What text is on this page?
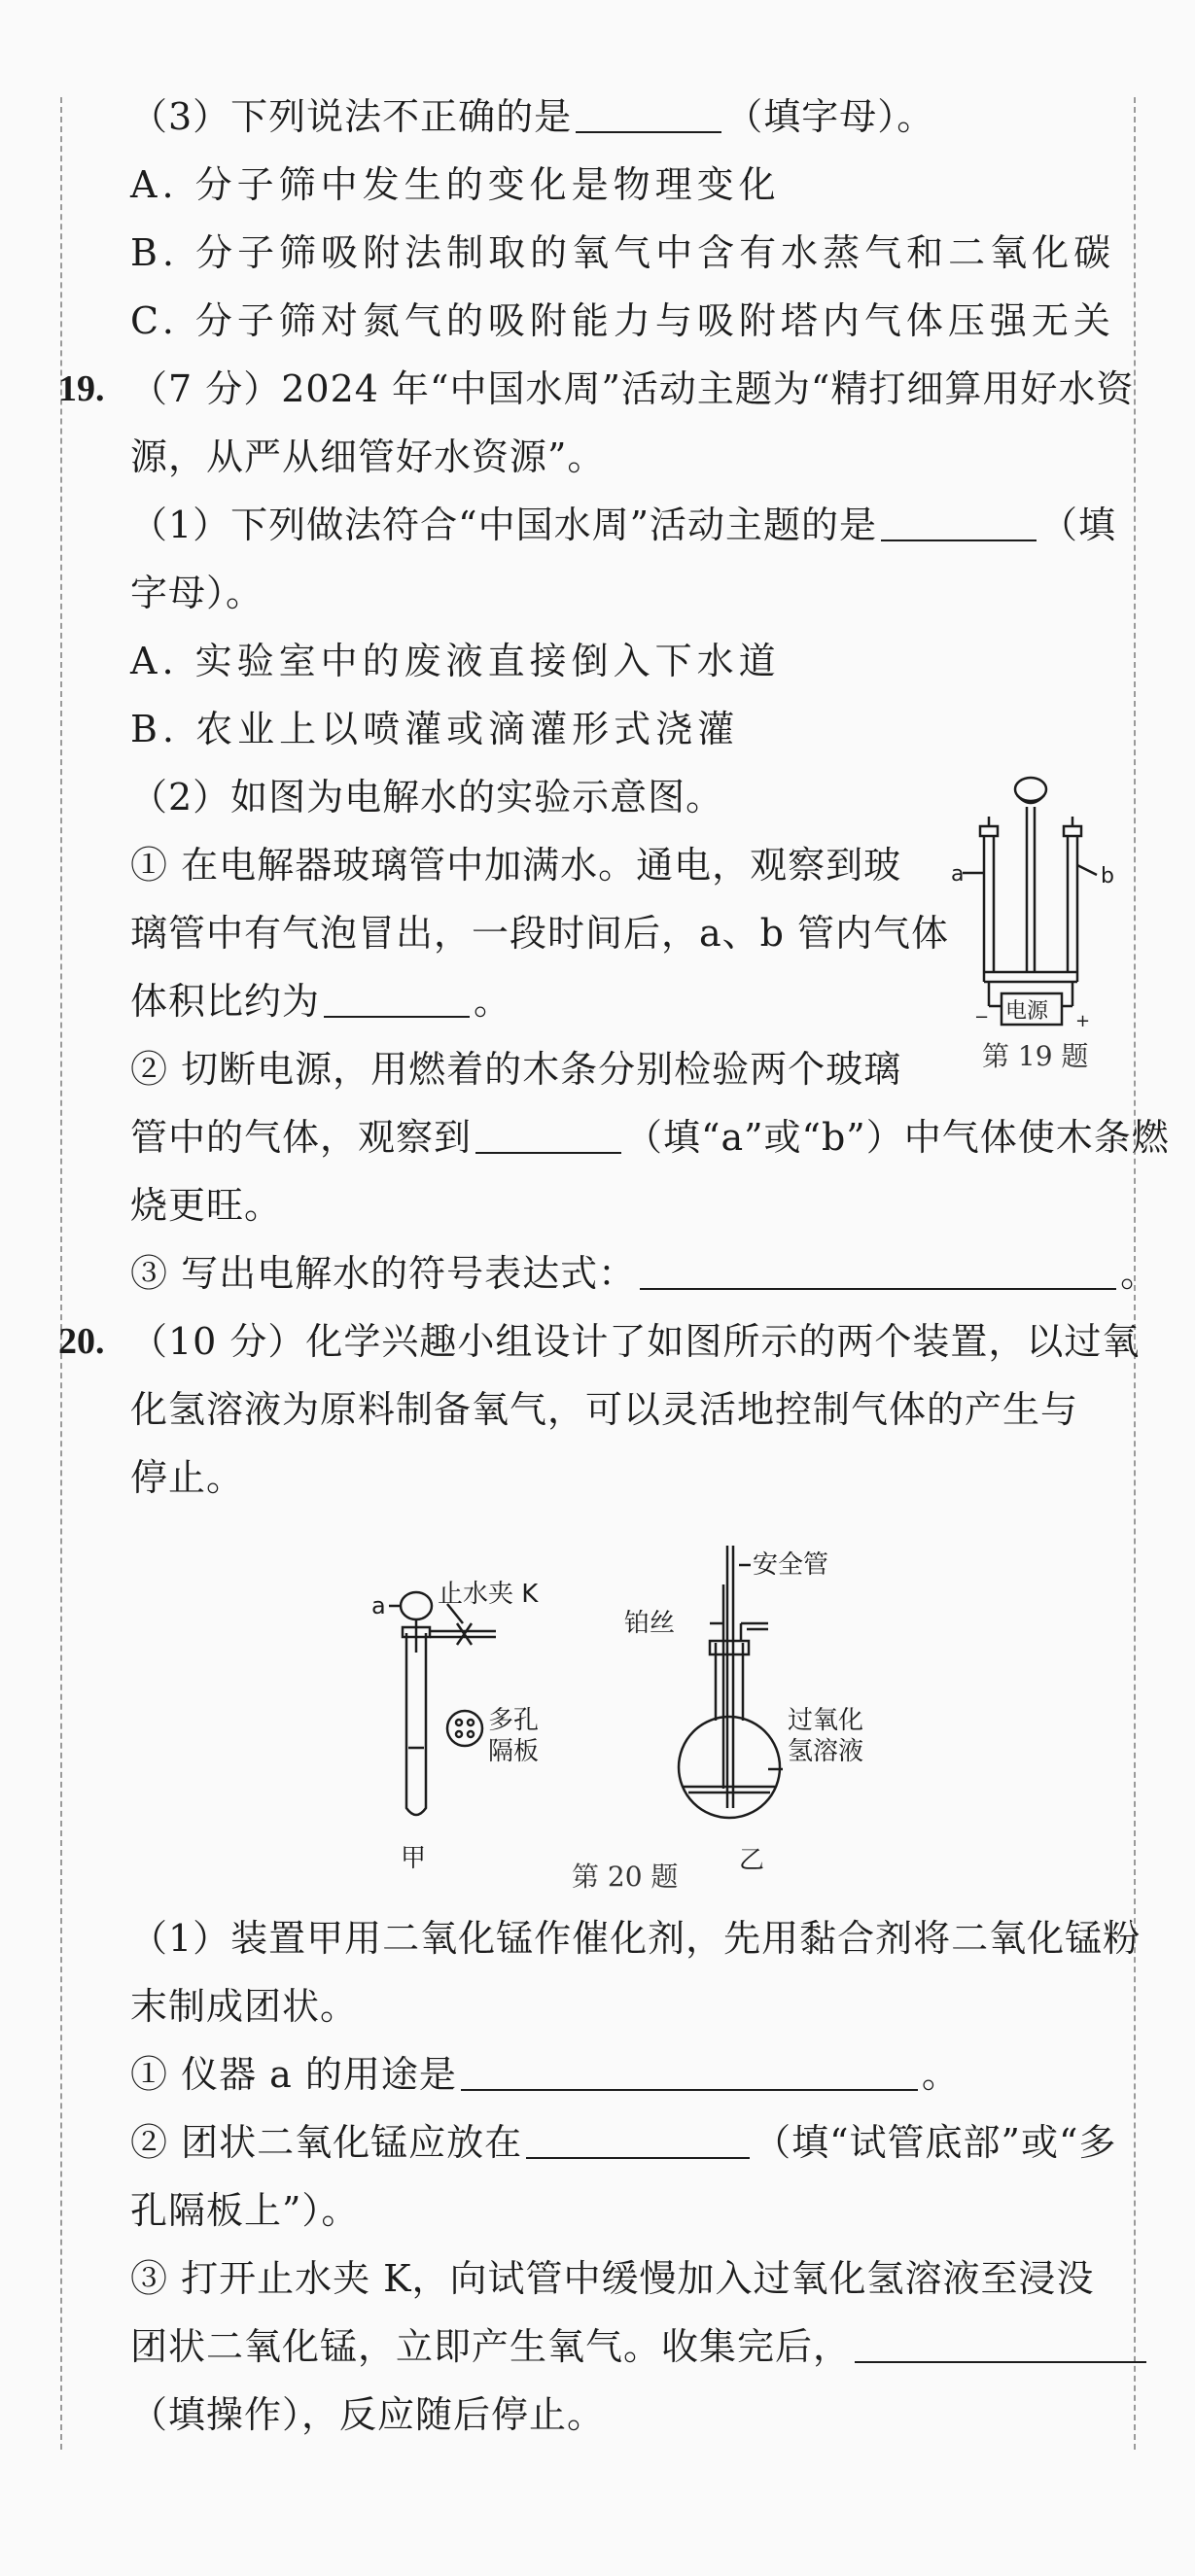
（3）下列说法不正确的是	（填字母）。
A. 分子筛中发生的变化是物理变化
B. 分子筛吸附法制取的氧气中含有水蒸气和二氧化碳
C. 分子筛对氮气的吸附能力与吸附塔内气体压强无关
19. （7 分）2024 年“中国水周”活动主题为“精打细算用好水资
源，从严从细管好水资源”。
（1）下列做法符合“中国水周”活动主题的是	（填
字母）。
A. 实验室中的废液直接倒入下水道
B. 农业上以喷灌或滴灌形式浇灌
（2）如图为电解水的实验示意图。
① 在电解器玻璃管中加满水。通电，观察到玻
璃管中有气泡冒出，一段时间后，a、b 管内气体
体积比约为	。
② 切断电源，用燃着的木条分别检验两个玻璃
管中的气体，观察到	（填“a”或“b”）中气体使木条燃
烧更旺。
③ 写出电解水的符号表达式：	。
a	b
电源
−	+
第 19 题
20. （10 分）化学兴趣小组设计了如图所示的两个装置，以过氧
化氢溶液为原料制备氧气，可以灵活地控制气体的产生与
停止。
a 止水夹 K
多孔
隔板
甲
安全管
铂丝
过氧化
氢溶液
乙
第 20 题
（1）装置甲用二氧化锰作催化剂，先用黏合剂将二氧化锰粉
末制成团状。
① 仪器 a 的用途是	。
② 团状二氧化锰应放在	（填“试管底部”或“多
孔隔板上”）。
③ 打开止水夹 K，向试管中缓慢加入过氧化氢溶液至浸没
团状二氧化锰，立即产生氧气。收集完后，
（填操作），反应随后停止。
